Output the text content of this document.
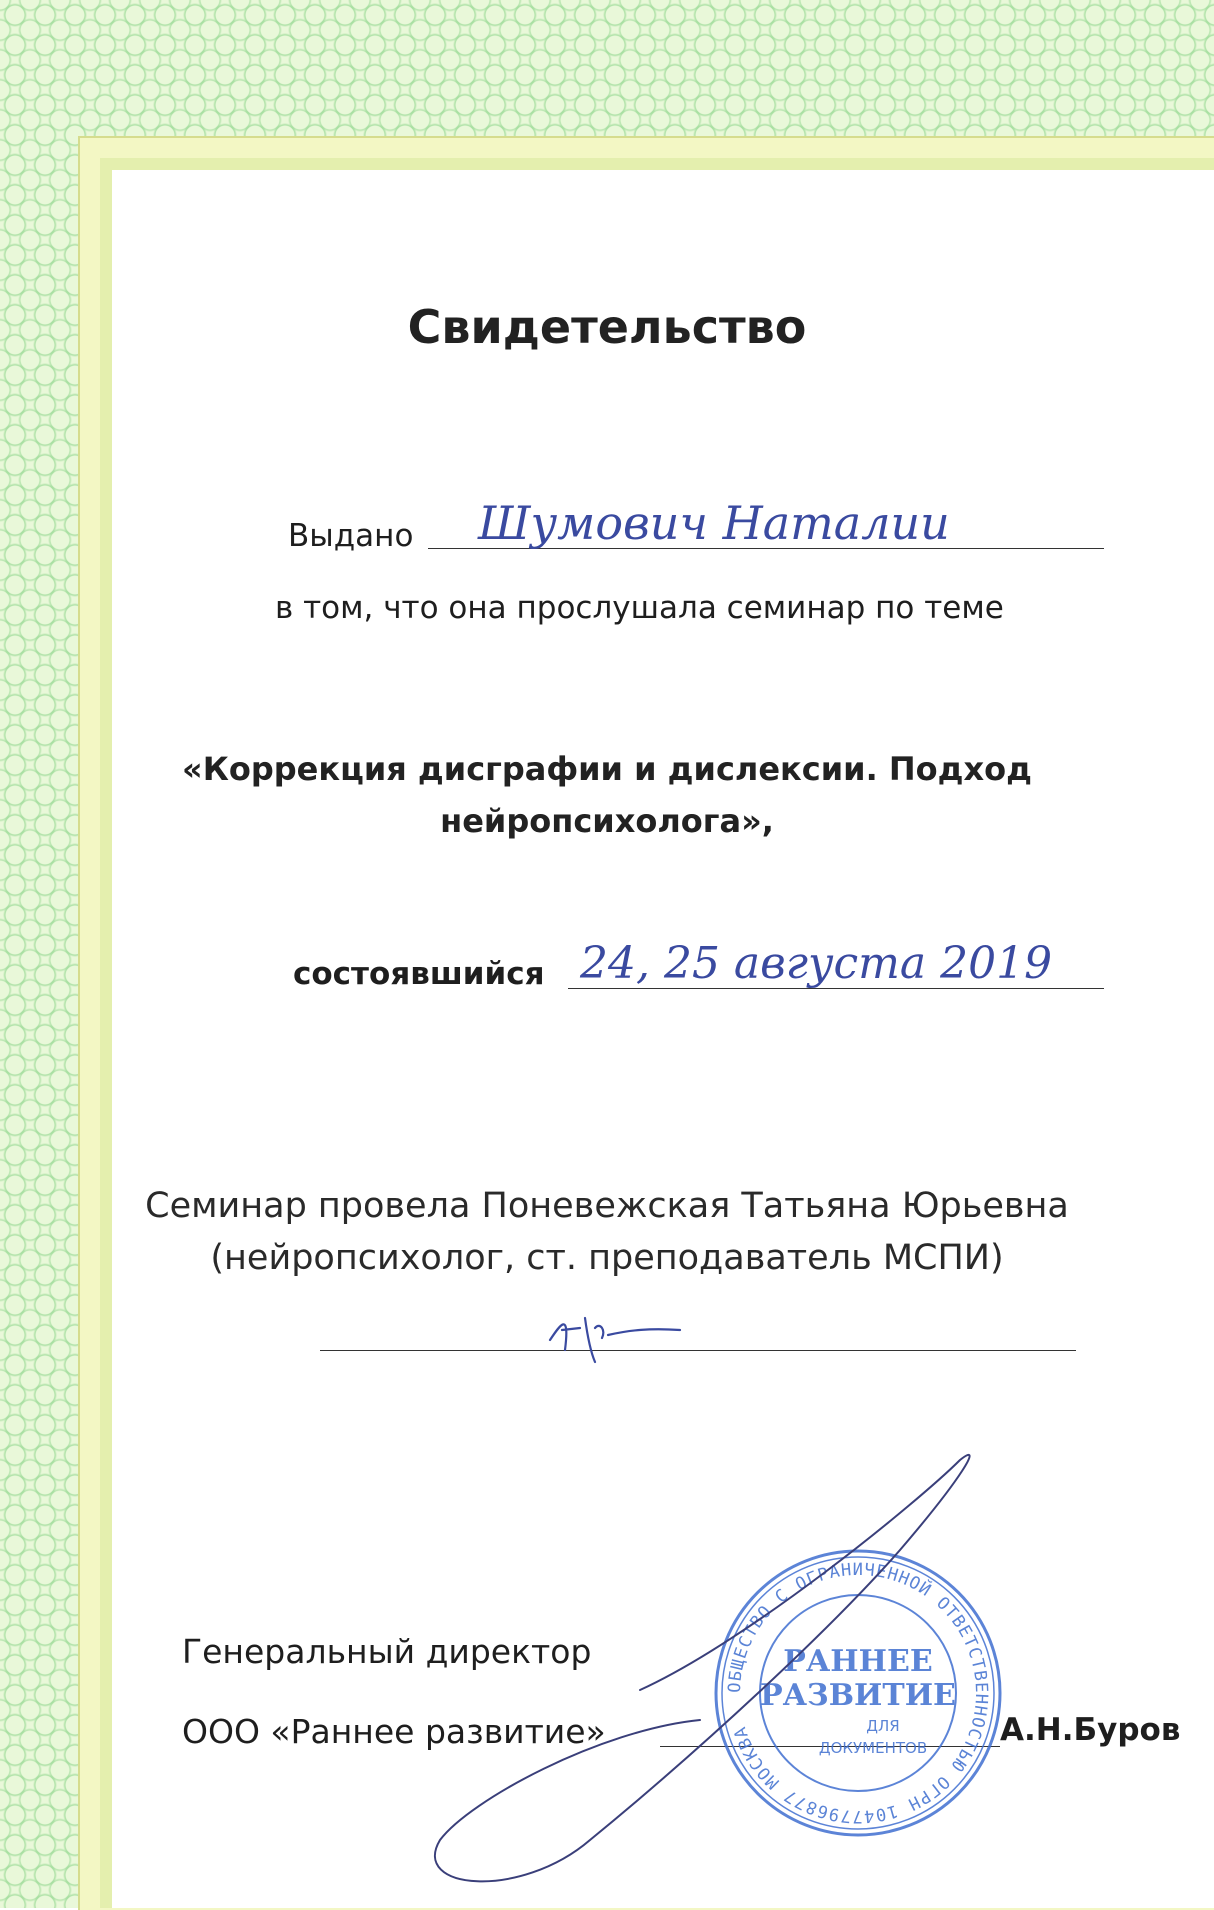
Свидетельство
Выдано Шумович Наталии
в том, что она прослушала семинар по теме
«Коррекция дисграфии и дислексии. Подход
нейропсихолога»,
состоявшийся 24, 25 августа 2019
Семинар провела Поневежская Татьяна Юрьевна
(нейропсихолог, ст. преподаватель МСПИ)
Генеральный директор
ООО «Раннее развитие»	А.Н.Буров
ОБЩЕСТВО С ОГРАНИЧЕННОЙ ОТВЕТСТВЕННОСТЬЮ ОГРН 1047796877 МОСКВА
РАННЕЕ
РАЗВИТИЕ
ДЛЯ
ДОКУМЕНТОВ
